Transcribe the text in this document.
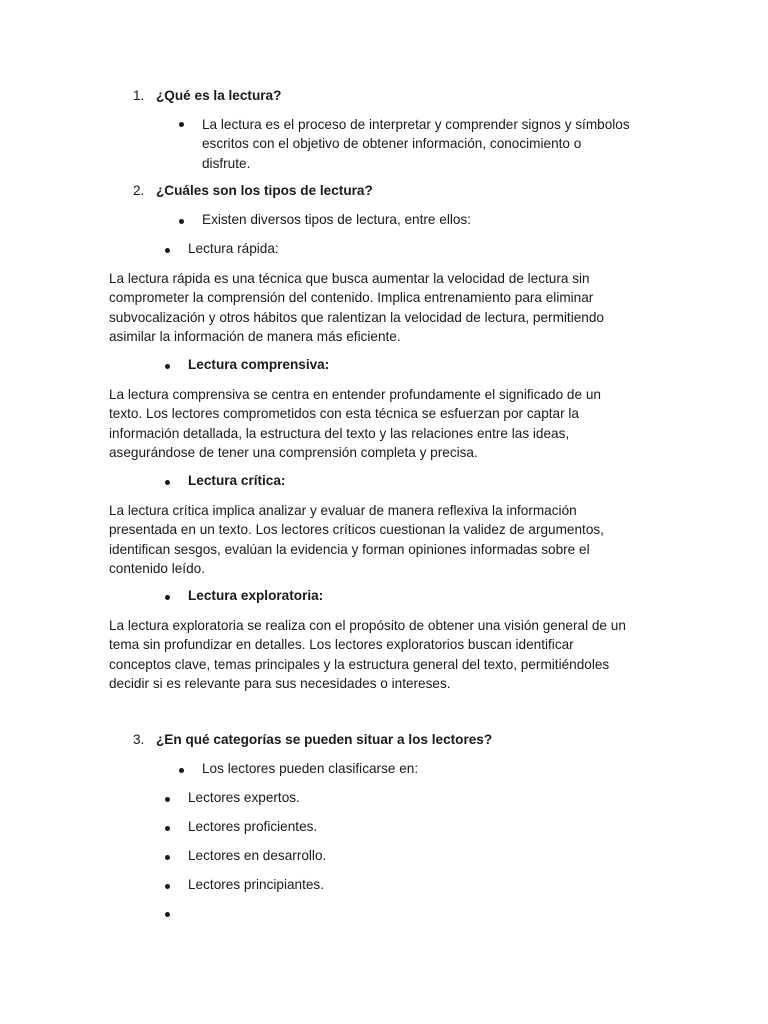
1. ¿Qué es la lectura?
La lectura es el proceso de interpretar y comprender signos y símbolos
escritos con el objetivo de obtener información, conocimiento o
disfrute.
2. ¿Cuáles son los tipos de lectura?
Existen diversos tipos de lectura, entre ellos:
Lectura rápida:
La lectura rápida es una técnica que busca aumentar la velocidad de lectura sin
comprometer la comprensión del contenido. Implica entrenamiento para eliminar
subvocalización y otros hábitos que ralentizan la velocidad de lectura, permitiendo
asimilar la información de manera más eficiente.
Lectura comprensiva:
La lectura comprensiva se centra en entender profundamente el significado de un
texto. Los lectores comprometidos con esta técnica se esfuerzan por captar la
información detallada, la estructura del texto y las relaciones entre las ideas,
asegurándose de tener una comprensión completa y precisa.
Lectura crítica:
La lectura crítica implica analizar y evaluar de manera reflexiva la información
presentada en un texto. Los lectores críticos cuestionan la validez de argumentos,
identifican sesgos, evalúan la evidencia y forman opiniones informadas sobre el
contenido leído.
Lectura exploratoria:
La lectura exploratoria se realiza con el propósito de obtener una visión general de un
tema sin profundizar en detalles. Los lectores exploratorios buscan identificar
conceptos clave, temas principales y la estructura general del texto, permitiéndoles
decidir si es relevante para sus necesidades o intereses.
3. ¿En qué categorías se pueden situar a los lectores?
Los lectores pueden clasificarse en:
Lectores expertos.
Lectores proficientes.
Lectores en desarrollo.
Lectores principiantes.
